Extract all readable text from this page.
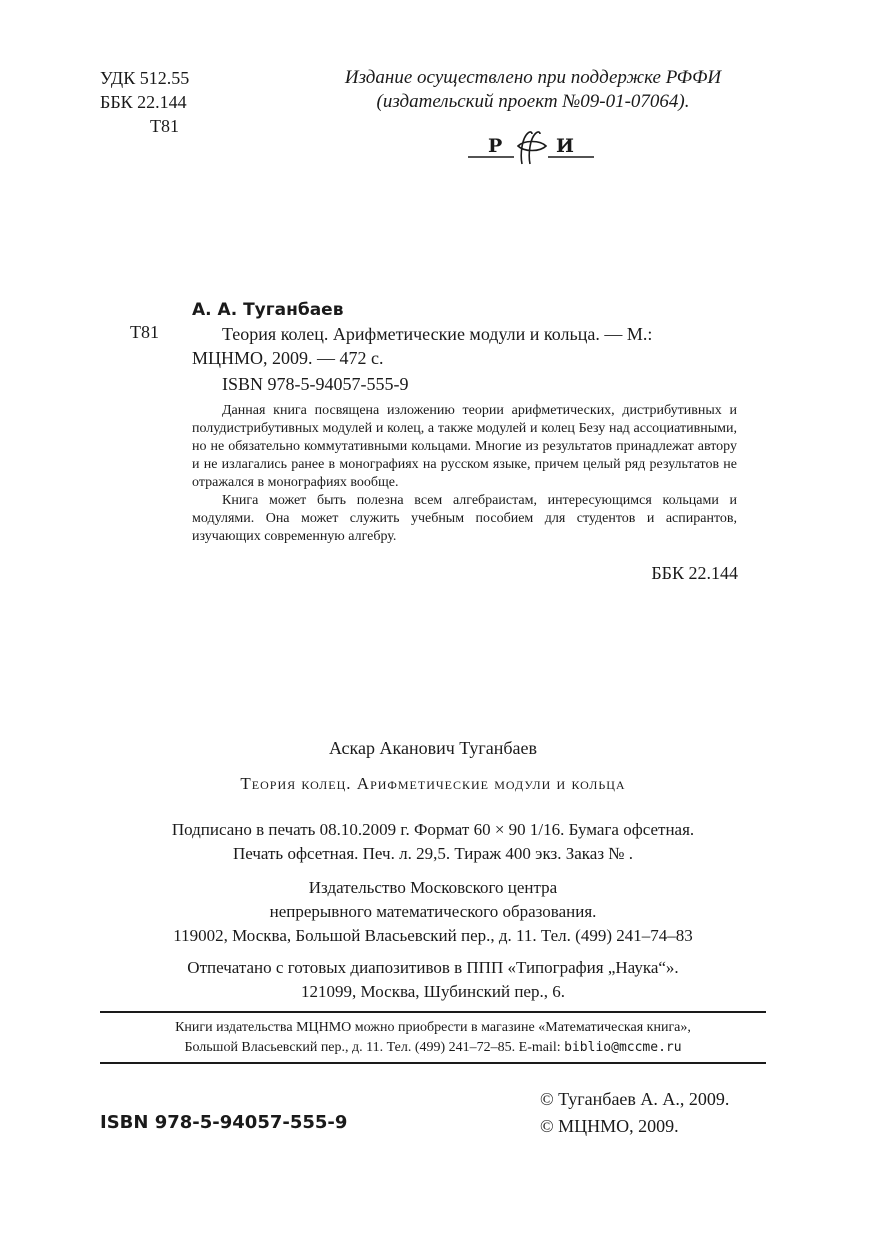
УДК 512.55
ББК 22.144
Т81
Издание осуществлено при поддержке РФФИ
(издательский проект №09-01-07064).
Р	И
А. А. Туганбаев
Т81	Теория колец. Арифметические модули и кольца. — М.:
МЦНМО, 2009. — 472 с.
ISBN 978-5-94057-555-9

Данная книга посвящена изложению теории арифметических, дистрибутивных и полудистрибутивных модулей и колец, а также модулей и колец Безу над ассоциативными, но не обязательно коммутативными кольцами. Многие из результатов принадлежат автору и не излагались ранее в монографиях на русском языке, причем целый ряд результатов не отражался в монографиях вообще.

Книга может быть полезна всем алгебраистам, интересующимся кольцами и модулями. Она может служить учебным пособием для студентов и аспирантов, изучающих современную алгебру.

ББК 22.144
Аскар Аканович Туганбаев
Теория колец. Арифметические модули и кольца
Подписано в печать 08.10.2009 г. Формат 60 × 90 1/16. Бумага офсетная.
Печать офсетная. Печ. л. 29,5. Тираж 400 экз. Заказ № .
Издательство Московского центра
непрерывного математического образования.
119002, Москва, Большой Власьевский пер., д. 11. Тел. (499) 241–74–83
Отпечатано с готовых диапозитивов в ППП «Типография „Наука“».
121099, Москва, Шубинский пер., 6.
Книги издательства МЦНМО можно приобрести в магазине «Математическая книга»,
Большой Власьевский пер., д. 11. Тел. (499) 241–72–85. E-mail: biblio@mccme.ru
ISBN 978-5-94057-555-9
© Туганбаев А. А., 2009.
© МЦНМО, 2009.
